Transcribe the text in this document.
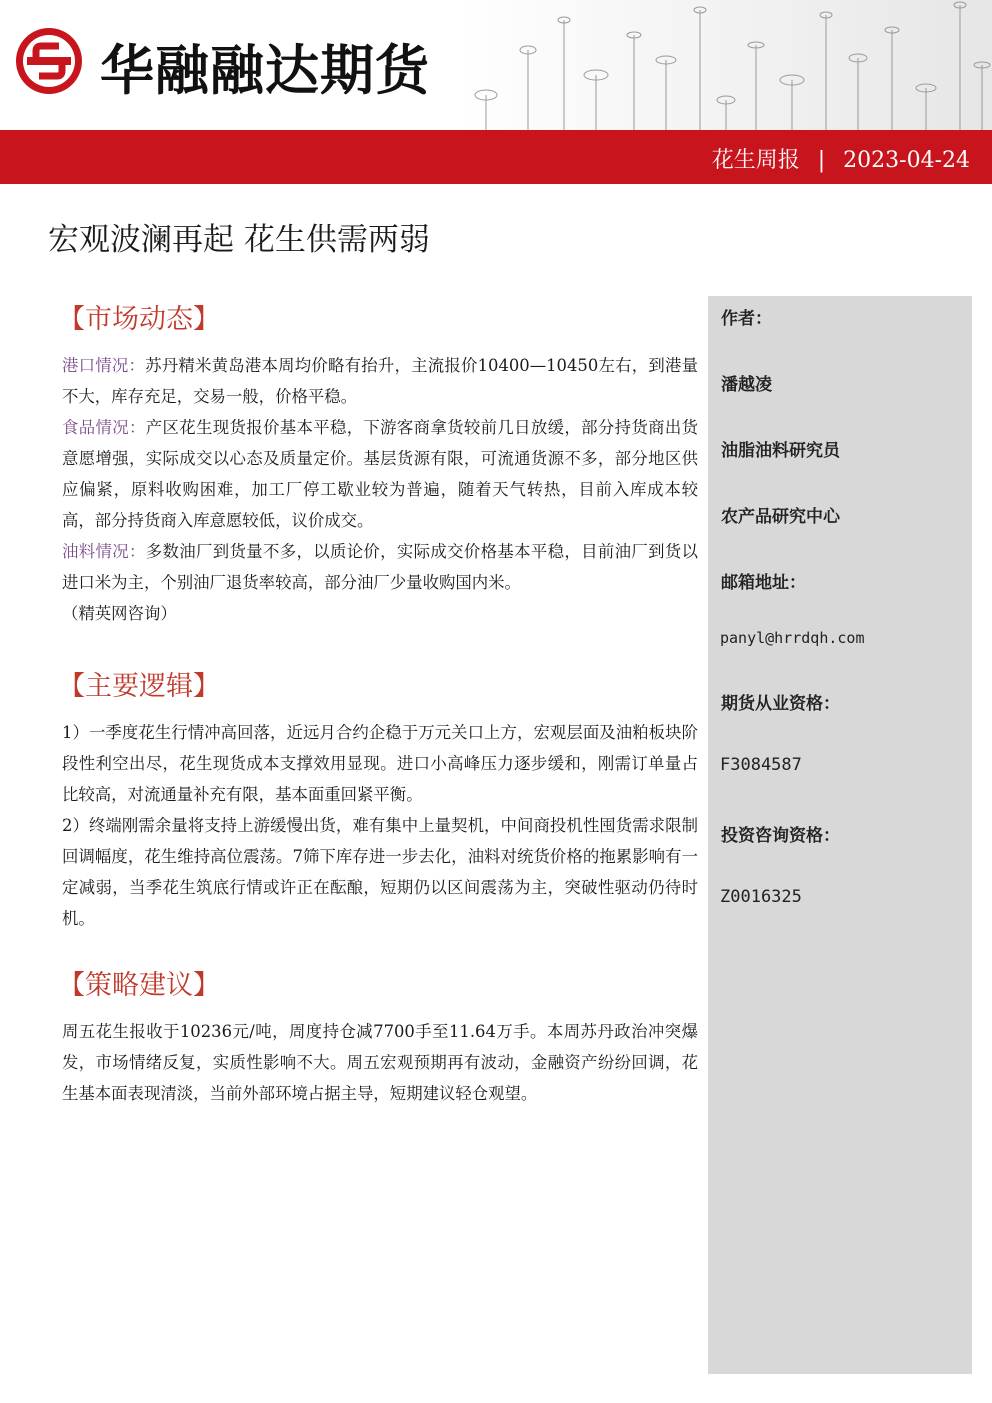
华融融达期货
花生周报 | 2023-04-24
宏观波澜再起 花生供需两弱
【市场动态】

港口情况：苏丹精米黄岛港本周均价略有抬升，主流报价10400—10450左右，到港量不大，库存充足，交易一般，价格平稳。

食品情况：产区花生现货报价基本平稳，下游客商拿货较前几日放缓，部分持货商出货意愿增强，实际成交以心态及质量定价。基层货源有限，可流通货源不多，部分地区供应偏紧，原料收购困难，加工厂停工歇业较为普遍，随着天气转热，目前入库成本较高，部分持货商入库意愿较低，议价成交。

油料情况：多数油厂到货量不多，以质论价，实际成交价格基本平稳，目前油厂到货以进口米为主，个别油厂退货率较高，部分油厂少量收购国内米。

（精英网咨询）

【主要逻辑】

1）一季度花生行情冲高回落，近远月合约企稳于万元关口上方，宏观层面及油粕板块阶段性利空出尽，花生现货成本支撑效用显现。进口小高峰压力逐步缓和，刚需订单量占比较高，对流通量补充有限，基本面重回紧平衡。

2）终端刚需余量将支持上游缓慢出货，难有集中上量契机，中间商投机性囤货需求限制回调幅度，花生维持高位震荡。7筛下库存进一步去化，油料对统货价格的拖累影响有一定减弱，当季花生筑底行情或许正在酝酿，短期仍以区间震荡为主，突破性驱动仍待时机。

【策略建议】

周五花生报收于10236元/吨，周度持仓减7700手至11.64万手。本周苏丹政治冲突爆发，市场情绪反复，实质性影响不大。周五宏观预期再有波动，金融资产纷纷回调，花生基本面表现清淡，当前外部环境占据主导，短期建议轻仓观望。

作者：
潘越凌
油脂油料研究员
农产品研究中心
邮箱地址：
panyl@hrrdqh.com
期货从业资格：
F3084587
投资咨询资格：
Z0016325
